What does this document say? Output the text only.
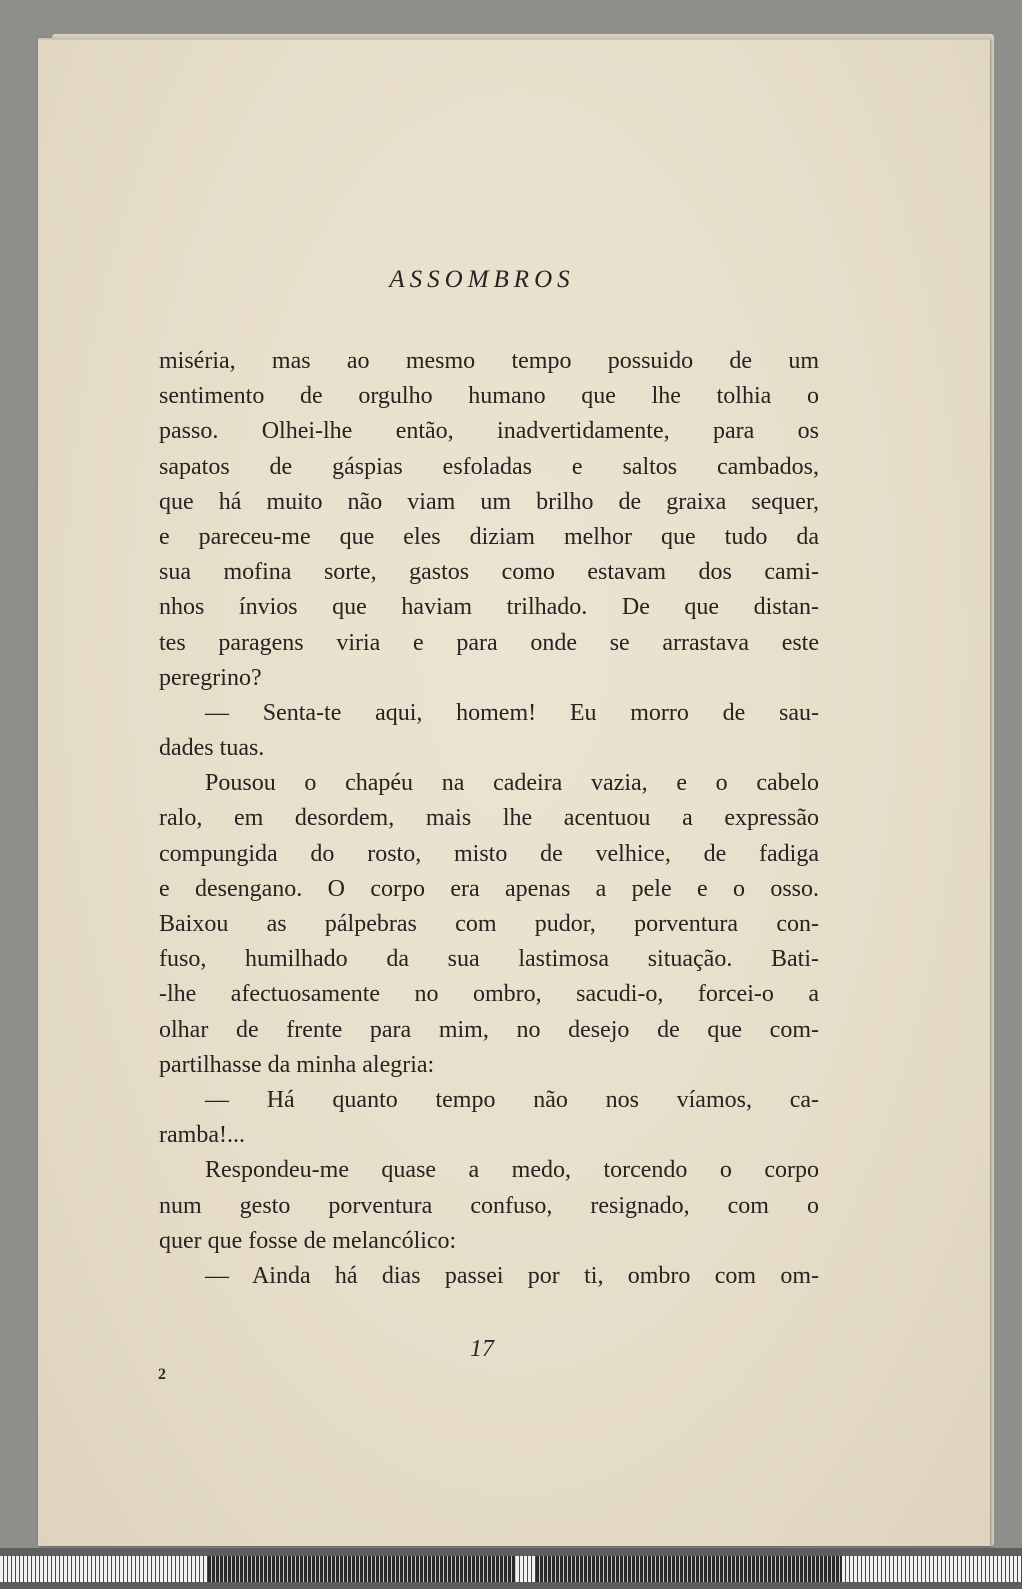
ASSOMBROS
miséria, mas ao mesmo tempo possuido de um
sentimento de orgulho humano que lhe tolhia o
passo. Olhei-lhe então, inadvertidamente, para os
sapatos de gáspias esfoladas e saltos cambados,
que há muito não viam um brilho de graixa sequer,
e pareceu-me que eles diziam melhor que tudo da
sua mofina sorte, gastos como estavam dos cami-
nhos ínvios que haviam trilhado. De que distan-
tes paragens viria e para onde se arrastava este
peregrino?
— Senta-te aqui, homem! Eu morro de sau-
dades tuas.
Pousou o chapéu na cadeira vazia, e o cabelo
ralo, em desordem, mais lhe acentuou a expressão
compungida do rosto, misto de velhice, de fadiga
e desengano. O corpo era apenas a pele e o osso.
Baixou as pálpebras com pudor, porventura con-
fuso, humilhado da sua lastimosa situação. Bati-
-lhe afectuosamente no ombro, sacudi-o, forcei-o a
olhar de frente para mim, no desejo de que com-
partilhasse da minha alegria:
— Há quanto tempo não nos víamos, ca-
ramba!...
Respondeu-me quase a medo, torcendo o corpo
num gesto porventura confuso, resignado, com o
quer que fosse de melancólico:
— Ainda há dias passei por ti, ombro com om-
17
2
